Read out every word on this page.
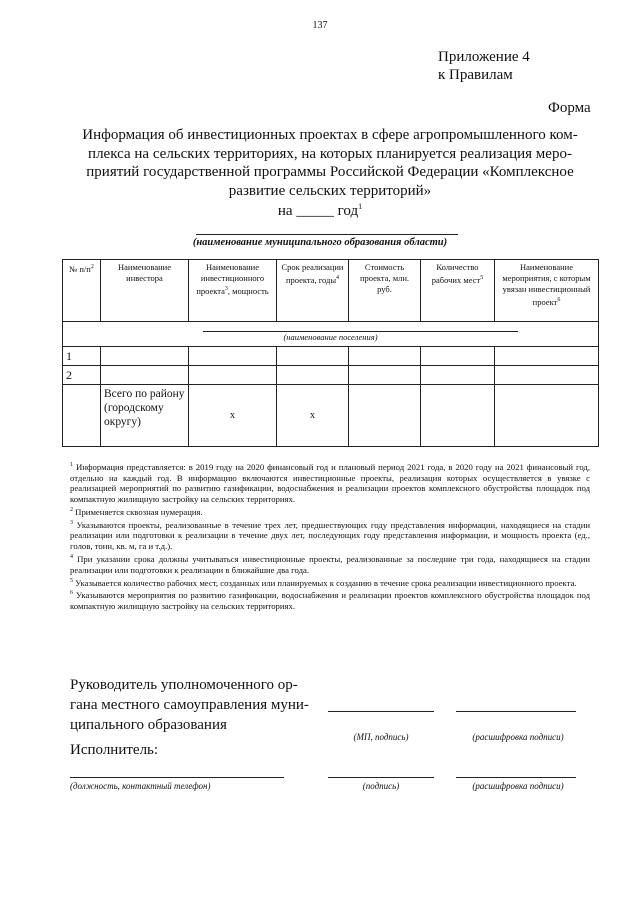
137
Приложение 4
к Правилам
Форма
Информация об инвестиционных проектах в сфере агропромышленного ком-
плекса на сельских территориях, на которых планируется реализация меро-
приятий государственной программы Российской Федерации «Комплексное
развитие сельских территорий»
на _____ год$^1$
(наименование муниципального образования области)
№ $п/п^2$	Наименование инвестора	Наименование инвестиционного проекта$^3$, мощность	Срок реализации проекта, годы$^4$	Стоимость проекта, млн. руб.	Количество рабочих мест$^5$	Наименование мероприятия, с которым увязан инвестиционный проект$^6$

(наименование поселения)						

1						
2						
	Всего по району (городскому округу)	х	х			

$^1$ Информация представляется: в 2019 году на 2020 финансовый год и плановый период 2021 года, в 2020 году на 2021 финансовый год, отдельно на каждый год. В информацию включаются инвестиционные проекты, реализация которых осуществляется в увязке с реализацией мероприятий по развитию газификации, водоснабжения и реализации проектов комплексного обустройства площадок под компактную жилищную застройку на сельских территориях.

$^2$ Применяется сквозная нумерация.

$^3$ Указываются проекты, реализованные в течение трех лет, предшествующих году представления информации, находящиеся на стадии реализации или подготовки к реализации в течение двух лет, последующих году представления информации, и мощность проекта (ед., голов, тонн, кв. м, га и т.д.).

$^4$ При указании срока должны учитываться инвестиционные проекты, реализованные за последние три года, находящиеся на стадии реализации или подготовки к реализации в ближайшие два года.

$^5$ Указывается количество рабочих мест, созданных или планируемых к созданию в течение срока реализации инвестиционного проекта.

$^6$ Указываются мероприятия по развитию газификации, водоснабжения и реализации проектов комплексного обустройства площадок под компактную жилищную застройку на сельских территориях.

Руководитель уполномоченного ор-
гана местного самоуправления муни-
ципального образования
(МП, подпись)	(расшифровка подписи)
Исполнитель:
(должность, контактный телефон)	(подпись)	(расшифровка подписи)
